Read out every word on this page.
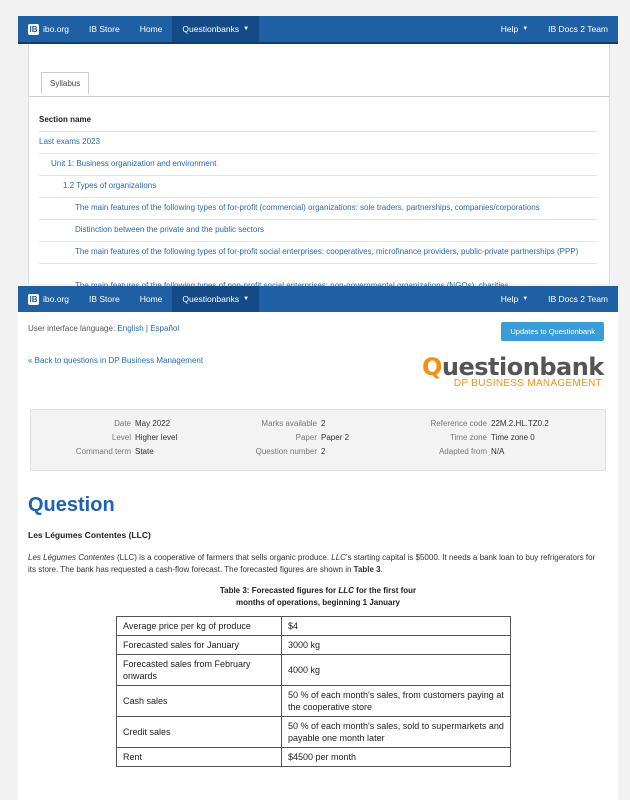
IB ibo.org	IB Store	Home	Questionbanks ▼	Help ▼	IB Docs 2 Team
Syllabus
Section name
Last exams 2023
Unit 1: Business organization and environment
1.2 Types of organizations
The main features of the following types of for-profit (commercial) organizations: sole traders, partnerships, companies/corporations
Distinction between the private and the public sectors
The main features of the following types of for-profit social enterprises: cooperatives, microfinance providers, public-private partnerships (PPP)
IB ibo.org	IB Store	Home	Questionbanks ▼	Help ▼	IB Docs 2 Team
User interface language: English | Español	Updates to Questionbank
« Back to questions in DP Business Management	Questionbank
DP BUSINESS MANAGEMENT
Date May 2022
Level Higher level
Command term State
Marks available 2
Paper Paper 2
Question number 2
Reference code 22M.2.HL.TZ0.2
Time zone Time zone 0
Adapted from N/A
Question
Les Légumes Contentes (LLC)
Les Légumes Contentes (LLC) is a cooperative of farmers that sells organic produce. LLC's starting capital is $5000. It needs a bank loan to buy refrigerators for its store. The bank has requested a cash-flow forecast. The forecasted figures are shown in Table 3.
Table 3: Forecasted figures for LLC for the first four
months of operations, beginning 1 January
Average price per kg of produce	$4
Forecasted sales for January	3000 kg
Forecasted sales from February onwards	4000 kg
Cash sales	50 % of each month's sales, from customers paying at the cooperative store
Credit sales	50 % of each month's sales, sold to supermarkets and payable one month later
Rent	$4500 per month
